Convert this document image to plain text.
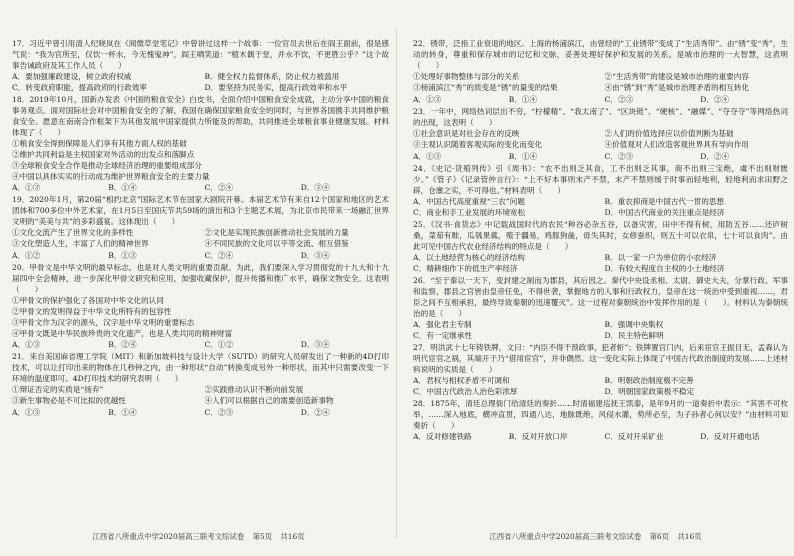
17．习近平曾引用清人纪晓岚在《阅微草堂笔记》中曾讲过这样一个故事：一位官员去世后在阎王面前，很是感气说：“我为官所至，仅饮一杯水，今无愧鬼神”，阎王哂笑道：“植木偶于堂，并水不饮，不更胜公乎？”这个故事告诫政府及其工作人员（　　）

A．要加强廉政建设，树立政府权威	B．健全权力监督体系，防止权力被滥用
C．转变政府职能，提高政府的行政效率	D．要坚持为民务实，提高行政效率和水平

18．2019年10月，国新办发表《中国的粮食安全》白皮书，全面介绍中国粮食安全成就，主动分享中国的粮食事务观点。面对国际社会对中国粮食安全的了解，我国在确保国家粮食安全的同时，与世界各国携手共同维护粮食安全。愿意在南南合作框架下为其他发展中国家提供力所能及的帮助，共同推进全球粮食事业健康发展。材料体现了（　　）

①粮食安全得到保障是人们享有其他方面人权的基础

②维护共同利益是主权国家对外活动的出发点和落脚点

③全球粮食安全合作是推动全球经济治理的重要组成部分

④中国以具体实实的行动成为维护世界粮食安全的主要力量

A．①③	B．①④	C．②④	D．③④

19．2020年1月，第20届“相约北京”国际艺术节在国家大剧院开幕。本届艺术节有来自12个国家和地区的艺术团体和700多位中外艺术家，在1月5日至国庆节共59场的演出和3个主题艺术展，为北京市民带来一场融汇世界文明的“美美与共”的多彩盛宴。这体现出（　　）

①文化交流产生了世界文化的多样性	②文化是实现民族创新推动社会发展的力量
③文化塑造人生，丰富了人们的精神世界	④不同民族的文化可以平等交流、相互借鉴
A．①②	B．①③	C．②④	D．③④

20．甲骨文是中华文明的最早标志，也是对人类文明的重要贡献。为此，我们要深入学习贯彻党的十九大和十九届四中全会精神，进一步深化甲骨文研究和应用，加强收藏保护，提升传播和推广水平，确保文物安全。这表明（　　）

①甲骨文的保护强化了各国对中华文化的认同

②甲骨文的发明得益于中华文化所特有的包容性

③甲骨文作为汉字的源头，汉字是中华文明的重要标志

④甲骨文既是中华民族珍贵的文化遗产，也是人类共同的精神财富

A．①③	B．②④	C．①②	D．③④

21．来自美国麻省理工学院（MIT）和新加坡科技与设计大学（SUTD）的研究人员研发出了一种新的4D打印技术，可以让打印出来的物体在几秒钟之内，由一种形状“自动”转换变成另外一种形状，而其中只需要改变一下环境的温度即可。4D打印技术的研究表明（　　）

①辩证否定的实质是“扬弃”	②实践推动认识不断向前发展
③新生事物必是不可比拟的优越性	④人们可以根据自己的需要创造新事物
A．①③	B．①④	C．②③	D．②④
江西省八所重点中学2020届高三联考文综试卷 第5页 共16页

22．锈带，泛指工业衰退的地区。上海的杨浦滨江，由曾经的“工业锈带”变成了“生活秀带”。由“锈”变“秀”，生动的转身，尊重和保存城市的记忆和文脉，妥善处理好保护和发展的关系。是城市治理的一大智慧，这表明（　　）

①处理好事物整体与部分的关系	②“生活秀带”的建设是城市治理的重要内容
③杨浦滨江“秀”的质变是“锈”的量变的结果	④由“锈”到“秀”是城市治理矛盾的相互转化
A．①③	B．①④	C．②③	D．②④

23．一年中，网络热词层出不穷，“柠檬精”、“我太南了”、“区块链”、“硬核”、“融媒”、“夺夺夺”等网络热词的出现，这表明（　　）

①社会意识是对社会存在的反映	②人们的价值选择应以价值判断为基础
③主观认识随着客观实际的变化而变化	④价值观对人们改造客观世界具有导向作用
A．①③	B．①④	C．②③	D．②④

24．《史记·货殖列传》引《周书》：“农不出则乏其食，工不出则乏其事，商不出则三宝绝，虞不出则财匮少。”《管子》《记录管仲言行》：“上不好本事则末产不禁，末产不禁则缓于时事而轻地利，轻地利而求田野之辟，仓廪之实，不可得也。”材料表明（　　）

A．中国古代高度重视“三农”问题	B．重农抑商是中国古代一贯的思想
C．商业和手工业发展的环境宽松	D．中国古代商业的关注重点是经济

25．《汉书·食货志》中记载战国时代的农民“种谷必杂五谷，以备灾害，田中不得有树，用防五谷……还庐树桑，菜茹有畦，瓜瓠果蓏，殖于疆易，鸡豚狗彘，毋失其时，女修蚕织，则五十可以衣帛，七十可以食肉”。由此可见中国古代农业经济结构的特点是（　　）

A．以土地经营为核心的经济结构	B．以一家一户为单位的小农经济
C．精耕细作下的低生产率经济	D．有较大程度自主权的小土地经济

26．“至于秦以一天下，变封建之制而为郡县，其后因之。秦代中央设丞相、太尉、御史大夫，分掌行政、军事和监察，郡县之官皆由皇帝任免，不得世袭，掌握地方的人事和行政权力，皇帝在这一统治中受到重视……，君臣之间不互相承担，最终导致秦朝的迅速覆灭”。这一过程对秦朝统治中发挥作用的是（　　）。材料认为秦朝统治的是（　　）

A．强化君主专制	B．强调中央集权
C．有一定继承性	D．民主特色鲜明

27．明洪武十七年铸铁牌，文曰：“内臣不得干预政事，犯者斩”；铁牌置宫门内，后来宦官王振目无，孟森认为明代宦官之祸，其端开于乃“借用宦官”，并非偶然。这一变化实际上体现了中国古代政治制度的发展……上述材料说明的实质是（　　）

A．君权与相权矛盾不可调和	B．明朝政治制度极不完善
C．中国古代政治人治色彩浓厚	D．明朝国家政策极不稳定

28．1875年，清廷总理衙门给清廷的奏折……时清福建巡抚王凯泰，是年9月的一道奏折中表示：“其害不可枚举，……深入地底，横冲直贯，四通八达，地脉既绝，风侵水灌，势所必至，为子孙者心何以安？”由材料可知奏折（　　）

A．反对修建铁路	B．反对开放口岸	C．反对开采矿业	D．反对开通电话
江西省八所重点中学2020届高三联考文综试卷 第6页 共16页
